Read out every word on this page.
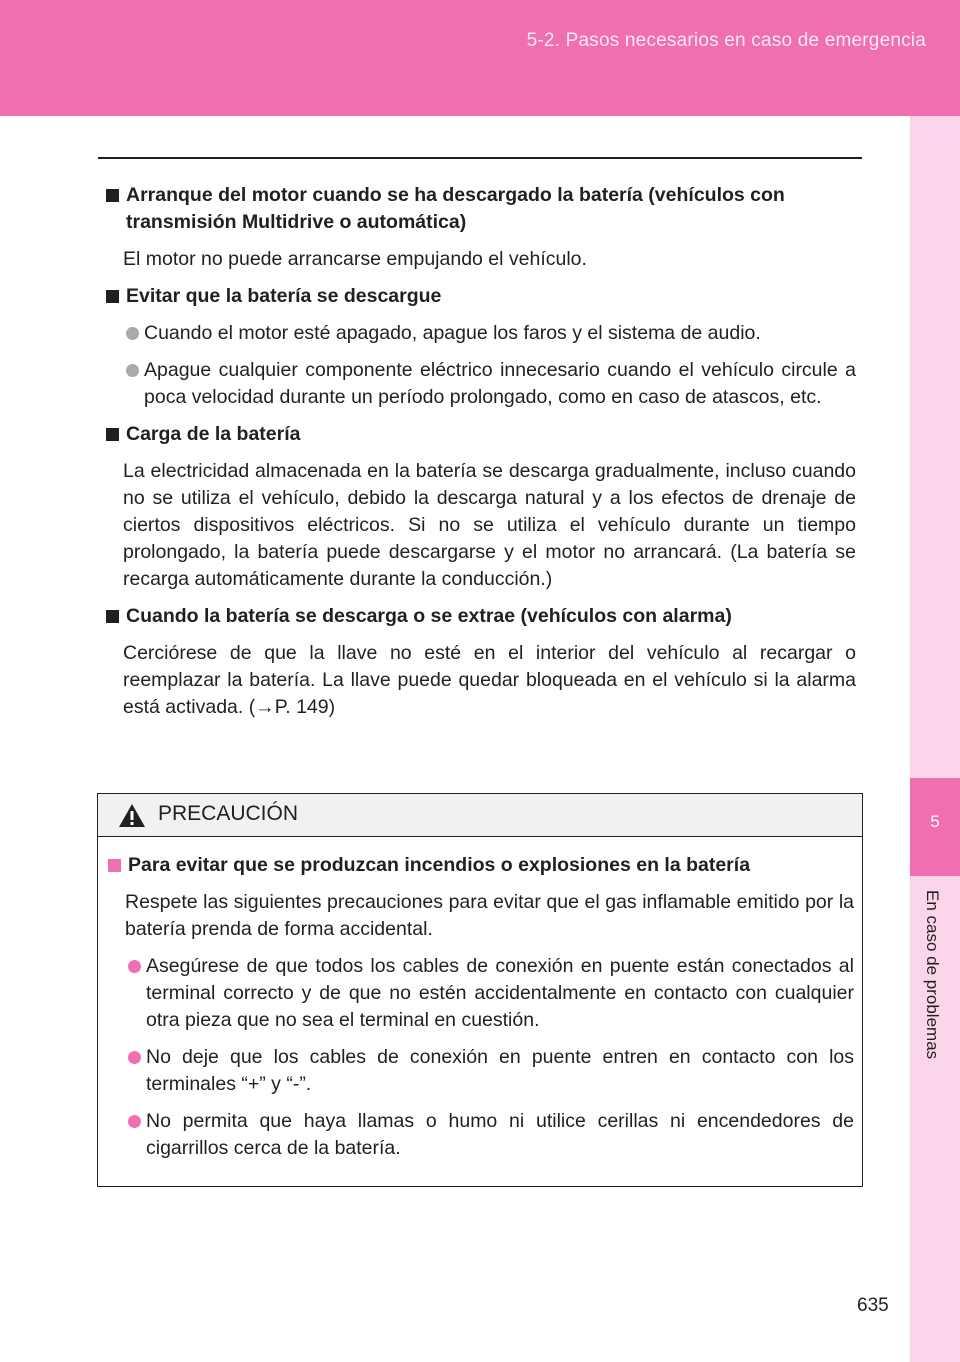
5-2. Pasos necesarios en caso de emergencia
5
En caso de problemas

Arranque del motor cuando se ha descargado la batería (vehículos con transmisión Multidrive o automática)

El motor no puede arrancarse empujando el vehículo.

Evitar que la batería se descargue

Cuando el motor esté apagado, apague los faros y el sistema de audio.
Apague cualquier componente eléctrico innecesario cuando el vehículo circule a poca velocidad durante un período prolongado, como en caso de atascos, etc.

Carga de la batería

La electricidad almacenada en la batería se descarga gradualmente, incluso cuando no se utiliza el vehículo, debido la descarga natural y a los efectos de drenaje de ciertos dispositivos eléctricos. Si no se utiliza el vehículo durante un tiempo prolongado, la batería puede descargarse y el motor no arrancará. (La batería se recarga automáticamente durante la conducción.)

Cuando la batería se descarga o se extrae (vehículos con alarma)

Cerciórese de que la llave no esté en el interior del vehículo al recargar o reemplazar la batería. La llave puede quedar bloqueada en el vehículo si la alarma está activada. (→P. 149)

PRECAUCIÓN

Para evitar que se produzcan incendios o explosiones en la batería

Respete las siguientes precauciones para evitar que el gas inflamable emitido por la batería prenda de forma accidental.

Asegúrese de que todos los cables de conexión en puente están conectados al terminal correcto y de que no estén accidentalmente en contacto con cualquier otra pieza que no sea el terminal en cuestión.
No deje que los cables de conexión en puente entren en contacto con los terminales “+” y “-”.
No permita que haya llamas o humo ni utilice cerillas ni encendedores de cigarrillos cerca de la batería.
635
